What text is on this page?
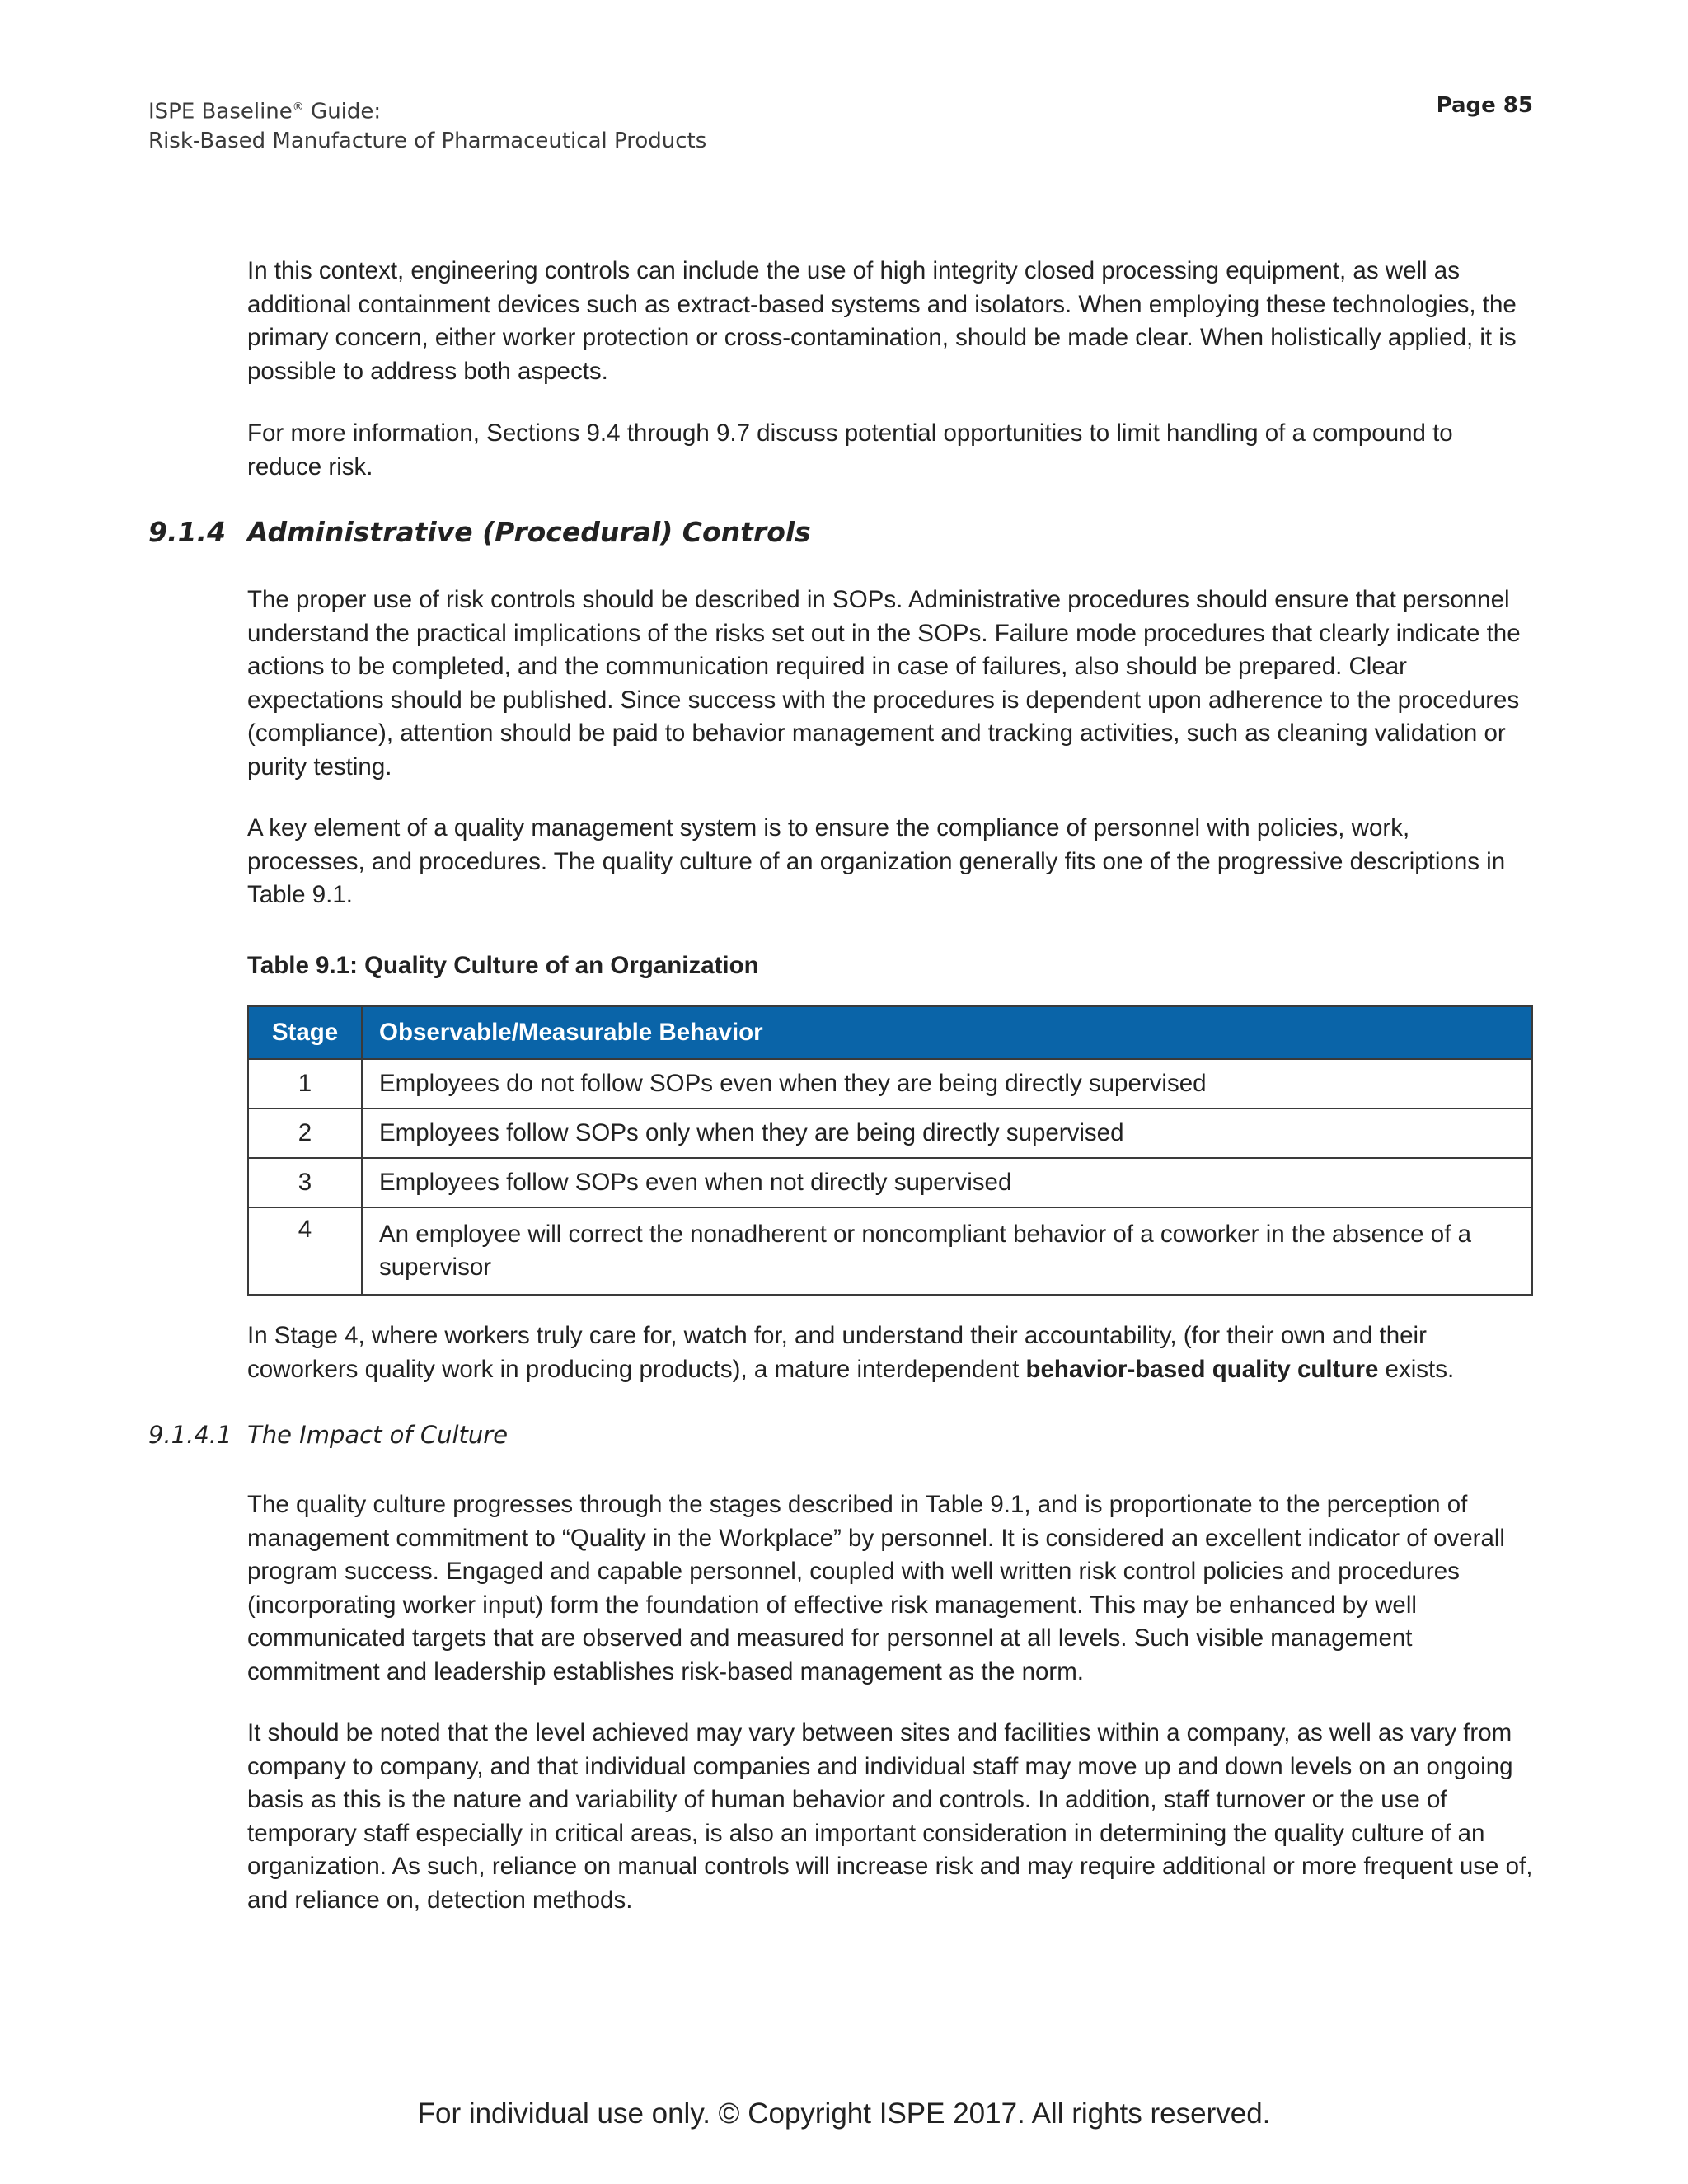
ISPE Baseline® Guide:
Risk-Based Manufacture of Pharmaceutical Products
Page 85

In this context, engineering controls can include the use of high integrity closed processing equipment, as well as additional containment devices such as extract-based systems and isolators. When employing these technologies, the primary concern, either worker protection or cross-contamination, should be made clear. When holistically applied, it is possible to address both aspects.

For more information, Sections 9.4 through 9.7 discuss potential opportunities to limit handling of a compound to reduce risk.

9.1.4 Administrative (Procedural) Controls

The proper use of risk controls should be described in SOPs. Administrative procedures should ensure that personnel understand the practical implications of the risks set out in the SOPs. Failure mode procedures that clearly indicate the actions to be completed, and the communication required in case of failures, also should be prepared. Clear expectations should be published. Since success with the procedures is dependent upon adherence to the procedures (compliance), attention should be paid to behavior management and tracking activities, such as cleaning validation or purity testing.

A key element of a quality management system is to ensure the compliance of personnel with policies, work, processes, and procedures. The quality culture of an organization generally fits one of the progressive descriptions in Table 9.1.

Table 9.1: Quality Culture of an Organization
Stage	Observable/Measurable Behavior
1	Employees do not follow SOPs even when they are being directly supervised
2	Employees follow SOPs only when they are being directly supervised
3	Employees follow SOPs even when not directly supervised
4	An employee will correct the nonadherent or noncompliant behavior of a coworker in the absence of a supervisor

In Stage 4, where workers truly care for, watch for, and understand their accountability, (for their own and their coworkers quality work in producing products), a mature interdependent behavior-based quality culture exists.

9.1.4.1 The Impact of Culture

The quality culture progresses through the stages described in Table 9.1, and is proportionate to the perception of management commitment to “Quality in the Workplace” by personnel. It is considered an excellent indicator of overall program success. Engaged and capable personnel, coupled with well written risk control policies and procedures (incorporating worker input) form the foundation of effective risk management. This may be enhanced by well communicated targets that are observed and measured for personnel at all levels. Such visible management commitment and leadership establishes risk-based management as the norm.

It should be noted that the level achieved may vary between sites and facilities within a company, as well as vary from company to company, and that individual companies and individual staff may move up and down levels on an ongoing basis as this is the nature and variability of human behavior and controls. In addition, staff turnover or the use of temporary staff especially in critical areas, is also an important consideration in determining the quality culture of an organization. As such, reliance on manual controls will increase risk and may require additional or more frequent use of, and reliance on, detection methods.

For individual use only. © Copyright ISPE 2017. All rights reserved.
